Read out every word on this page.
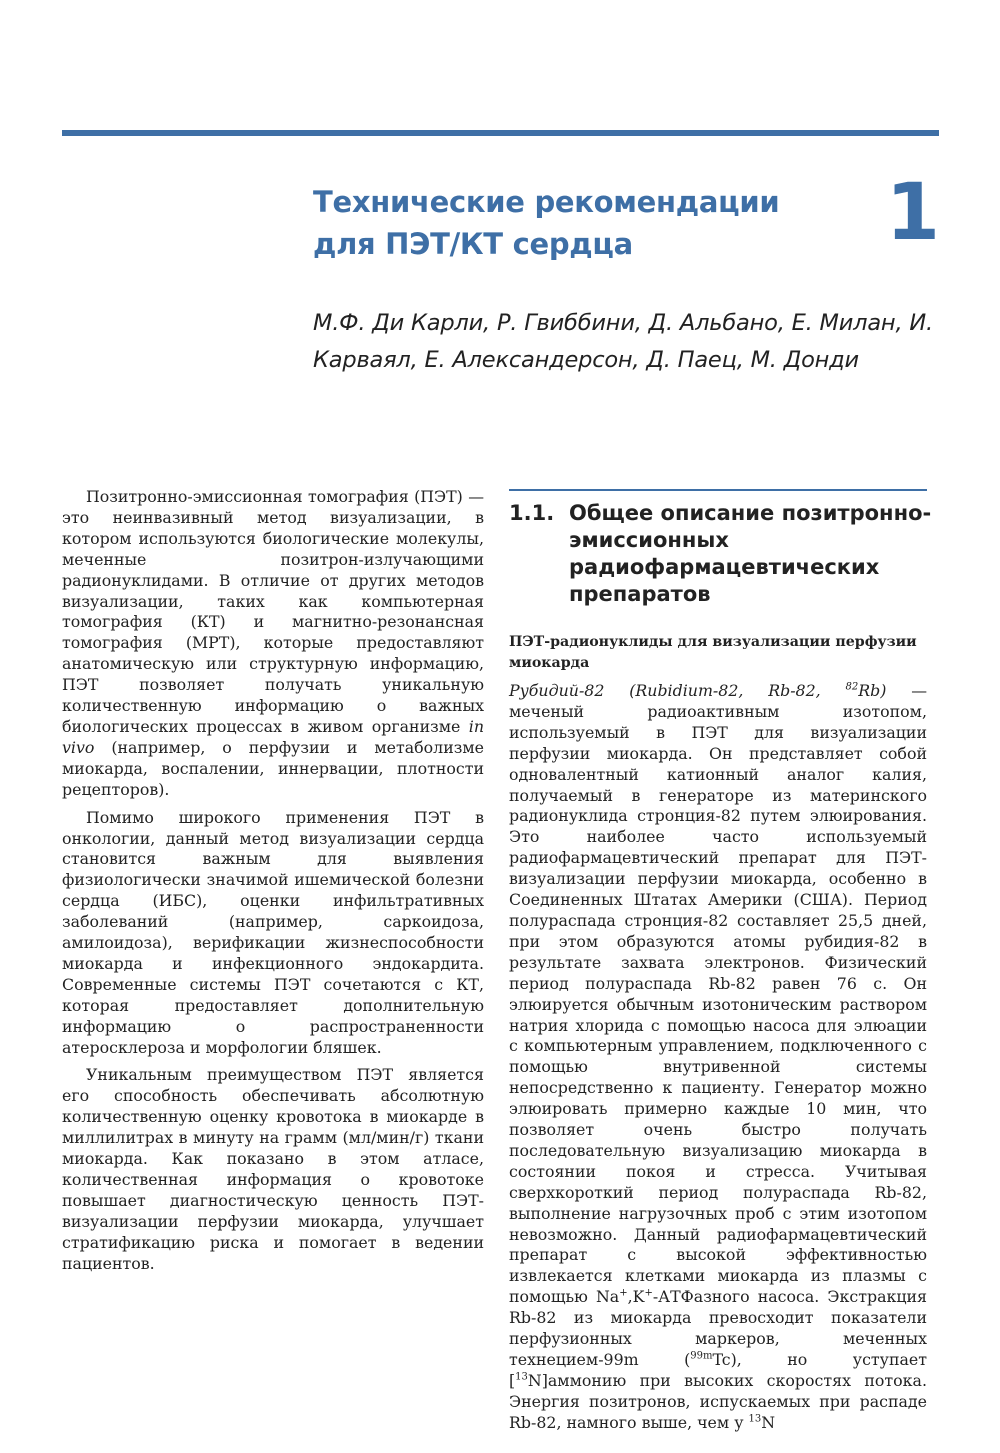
Технические рекомендации для ПЭТ/КТ сердца	1
М.Ф. Ди Карли, Р. Гвиббини, Д. Альбано, Е. Милан, И. Карваял, Е. Александерсон, Д. Паец, М. Донди

Позитронно-эмиссионная томография (ПЭТ) — это неинвазивный метод визуализации, в котором используются биологические молекулы, меченные позитрон-излучающими радионуклидами. В отличие от других методов визуализации, таких как компьютерная томография (КТ) и магнитно-резонансная томография (МРТ), которые предоставляют анатомическую или структурную информацию, ПЭТ позволяет получать уникальную количественную информацию о важных биологических процессах в живом организме in vivo (например, о перфузии и метаболизме миокарда, воспалении, иннервации, плотности рецепторов).

Помимо широкого применения ПЭТ в онкологии, данный метод визуализации сердца становится важным для выявления физиологически значимой ишемической болезни сердца (ИБС), оценки инфильтративных заболеваний (например, саркоидоза, амилоидоза), верификации жизнеспособности миокарда и инфекционного эндокардита. Современные системы ПЭТ сочетаются с КТ, которая предоставляет дополнительную информацию о распространенности атеросклероза и морфологии бляшек.

Уникальным преимуществом ПЭТ является его способность обеспечивать абсолютную количественную оценку кровотока в миокарде в миллилитрах в минуту на грамм (мл/мин/г) ткани миокарда. Как показано в этом атласе, количественная информация о кровотоке повышает диагностическую ценность ПЭТ-визуализации перфузии миокарда, улучшает стратификацию риска и помогает в ведении пациентов.

1.1. Общее описание позитронно-эмиссионных радиофармацевтических препаратов
ПЭТ-радионуклиды для визуализации перфузии миокарда

Рубидий-82 (Rubidium-82, Rb-82, $^{82}$Rb) — меченый радиоактивным изотопом, используемый в ПЭТ для визуализации перфузии миокарда. Он представляет собой одновалентный катионный аналог калия, получаемый в генераторе из материнского радионуклида стронция-82 путем элюирования. Это наиболее часто используемый радиофармацевтический препарат для ПЭТ-визуализации перфузии миокарда, особенно в Соединенных Штатах Америки (США). Период полураспада стронция-82 составляет 25,5 дней, при этом образуются атомы рубидия-82 в результате захвата электронов. Физический период полураспада Rb-82 равен 76 с. Он элюируется обычным изотоническим раствором натрия хлорида с помощью насоса для элюации с компьютерным управлением, подключенного с помощью внутривенной системы непосредственно к пациенту. Генератор можно элюировать примерно каждые 10 мин, что позволяет очень быстро получать последовательную визуализацию миокарда в состоянии покоя и стресса. Учитывая сверхкороткий период полураспада Rb-82, выполнение нагрузочных проб с этим изотопом невозможно. Данный радиофармацевтический препарат с высокой эффективностью извлекается клетками миокарда из плазмы с помощью Na+,K+-АТФазного насоса. Экстракция Rb-82 из миокарда превосходит показатели перфузионных маркеров, меченных технецием-99m ($^{99m}$Tc), но уступает [$^{13}$N]аммонию при высоких скоростях потока. Энергия позитронов, испускаемых при распаде Rb-82, намного выше, чем у $^{13}$N
